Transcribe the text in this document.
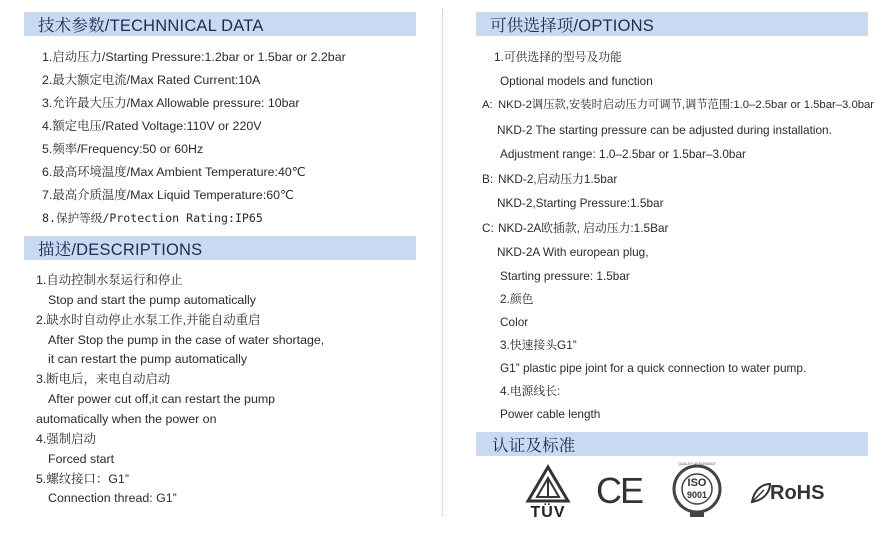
技术参数/TECHNNICAL DATA
1.启动压力/Starting Pressure:1.2bar or 1.5bar or 2.2bar
2.最大额定电流/Max Rated Current:10A
3.允许最大压力/Max Allowable pressure: 10bar
4.额定电压/Rated Voltage:110V or 220V
5.频率/Frequency:50 or 60Hz
6.最高环境温度/Max Ambient Temperature:40℃
7.最高介质温度/Max Liquid Temperature:60℃
8.保护等级/Protection Rating:IP65
描述/DESCRIPTIONS
1.自动控制水泵运行和停止
Stop and start the pump automatically
2.缺水时自动停止水泵工作,并能自动重启
After Stop the pump in the case of water shortage,
it can restart the pump automatically
3.断电后，来电自动启动
After power cut off,it can restart the pump
automatically when the power on
4.强制启动
Forced start
5.螺纹接口：G1”
Connection thread: G1”
可供选择项/OPTIONS
1.可供选择的型号及功能
Optional models and function
A: NKD-2调压款,安装时启动压力可调节,调节范围:1.0–2.5bar or 1.5bar–3.0bar
NKD-2 The starting pressure can be adjusted during installation.
Adjustment range: 1.0–2.5bar or 1.5bar–3.0bar
B: NKD-2,启动压力1.5bar
NKD-2,Starting Pressure:1.5bar
C: NKD-2A欧插款, 启动压力:1.5Bar
NKD-2A With european plug,
Starting pressure: 1.5bar
2.颜色
Color
3.快速接头G1”
G1” plastic pipe joint for a quick connection to water pump.
4.电源线长:
Power cable length
认证及标准
TÜV
CE	ISO
9001
QUALITY ASSURANCE
RoHS
